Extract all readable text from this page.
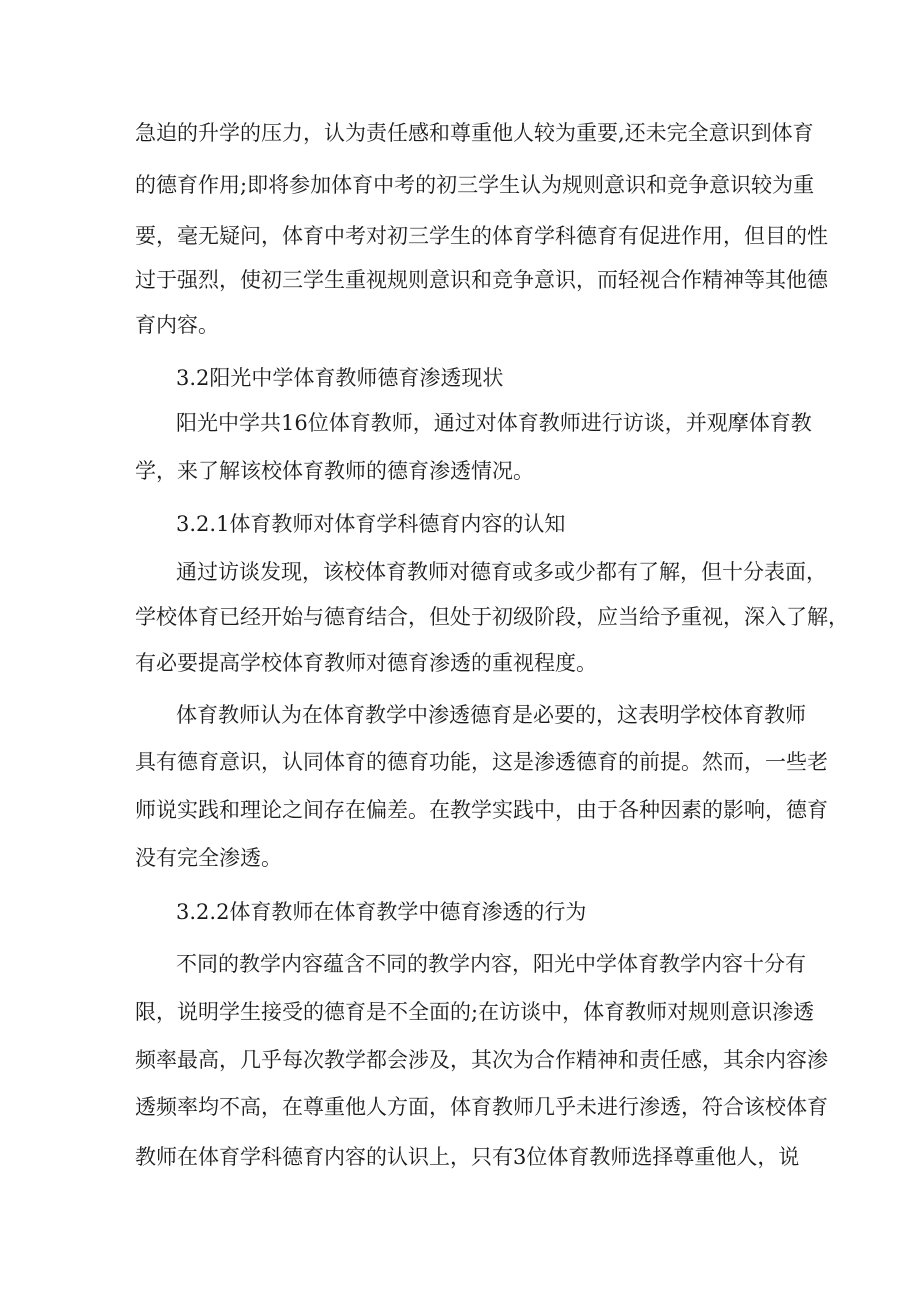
急迫的升学的压力，认为责任感和尊重他人较为重要,还未完全意识到体育
的德育作用;即将参加体育中考的初三学生认为规则意识和竞争意识较为重
要，毫无疑问，体育中考对初三学生的体育学科德育有促进作用，但目的性
过于强烈，使初三学生重视规则意识和竞争意识，而轻视合作精神等其他德
育内容。
3.2阳光中学体育教师德育渗透现状
阳光中学共16位体育教师，通过对体育教师进行访谈，并观摩体育教
学，来了解该校体育教师的德育渗透情况。
3.2.1体育教师对体育学科德育内容的认知
通过访谈发现，该校体育教师对德育或多或少都有了解，但十分表面，
学校体育已经开始与德育结合，但处于初级阶段，应当给予重视，深入了解，
有必要提高学校体育教师对德育渗透的重视程度。
体育教师认为在体育教学中渗透德育是必要的，这表明学校体育教师
具有德育意识，认同体育的德育功能，这是渗透德育的前提。然而，一些老
师说实践和理论之间存在偏差。在教学实践中，由于各种因素的影响，德育
没有完全渗透。
3.2.2体育教师在体育教学中德育渗透的行为
不同的教学内容蕴含不同的教学内容，阳光中学体育教学内容十分有
限，说明学生接受的德育是不全面的;在访谈中，体育教师对规则意识渗透
频率最高，几乎每次教学都会涉及，其次为合作精神和责任感，其余内容渗
透频率均不高，在尊重他人方面，体育教师几乎未进行渗透，符合该校体育
教师在体育学科德育内容的认识上，只有3位体育教师选择尊重他人，说
